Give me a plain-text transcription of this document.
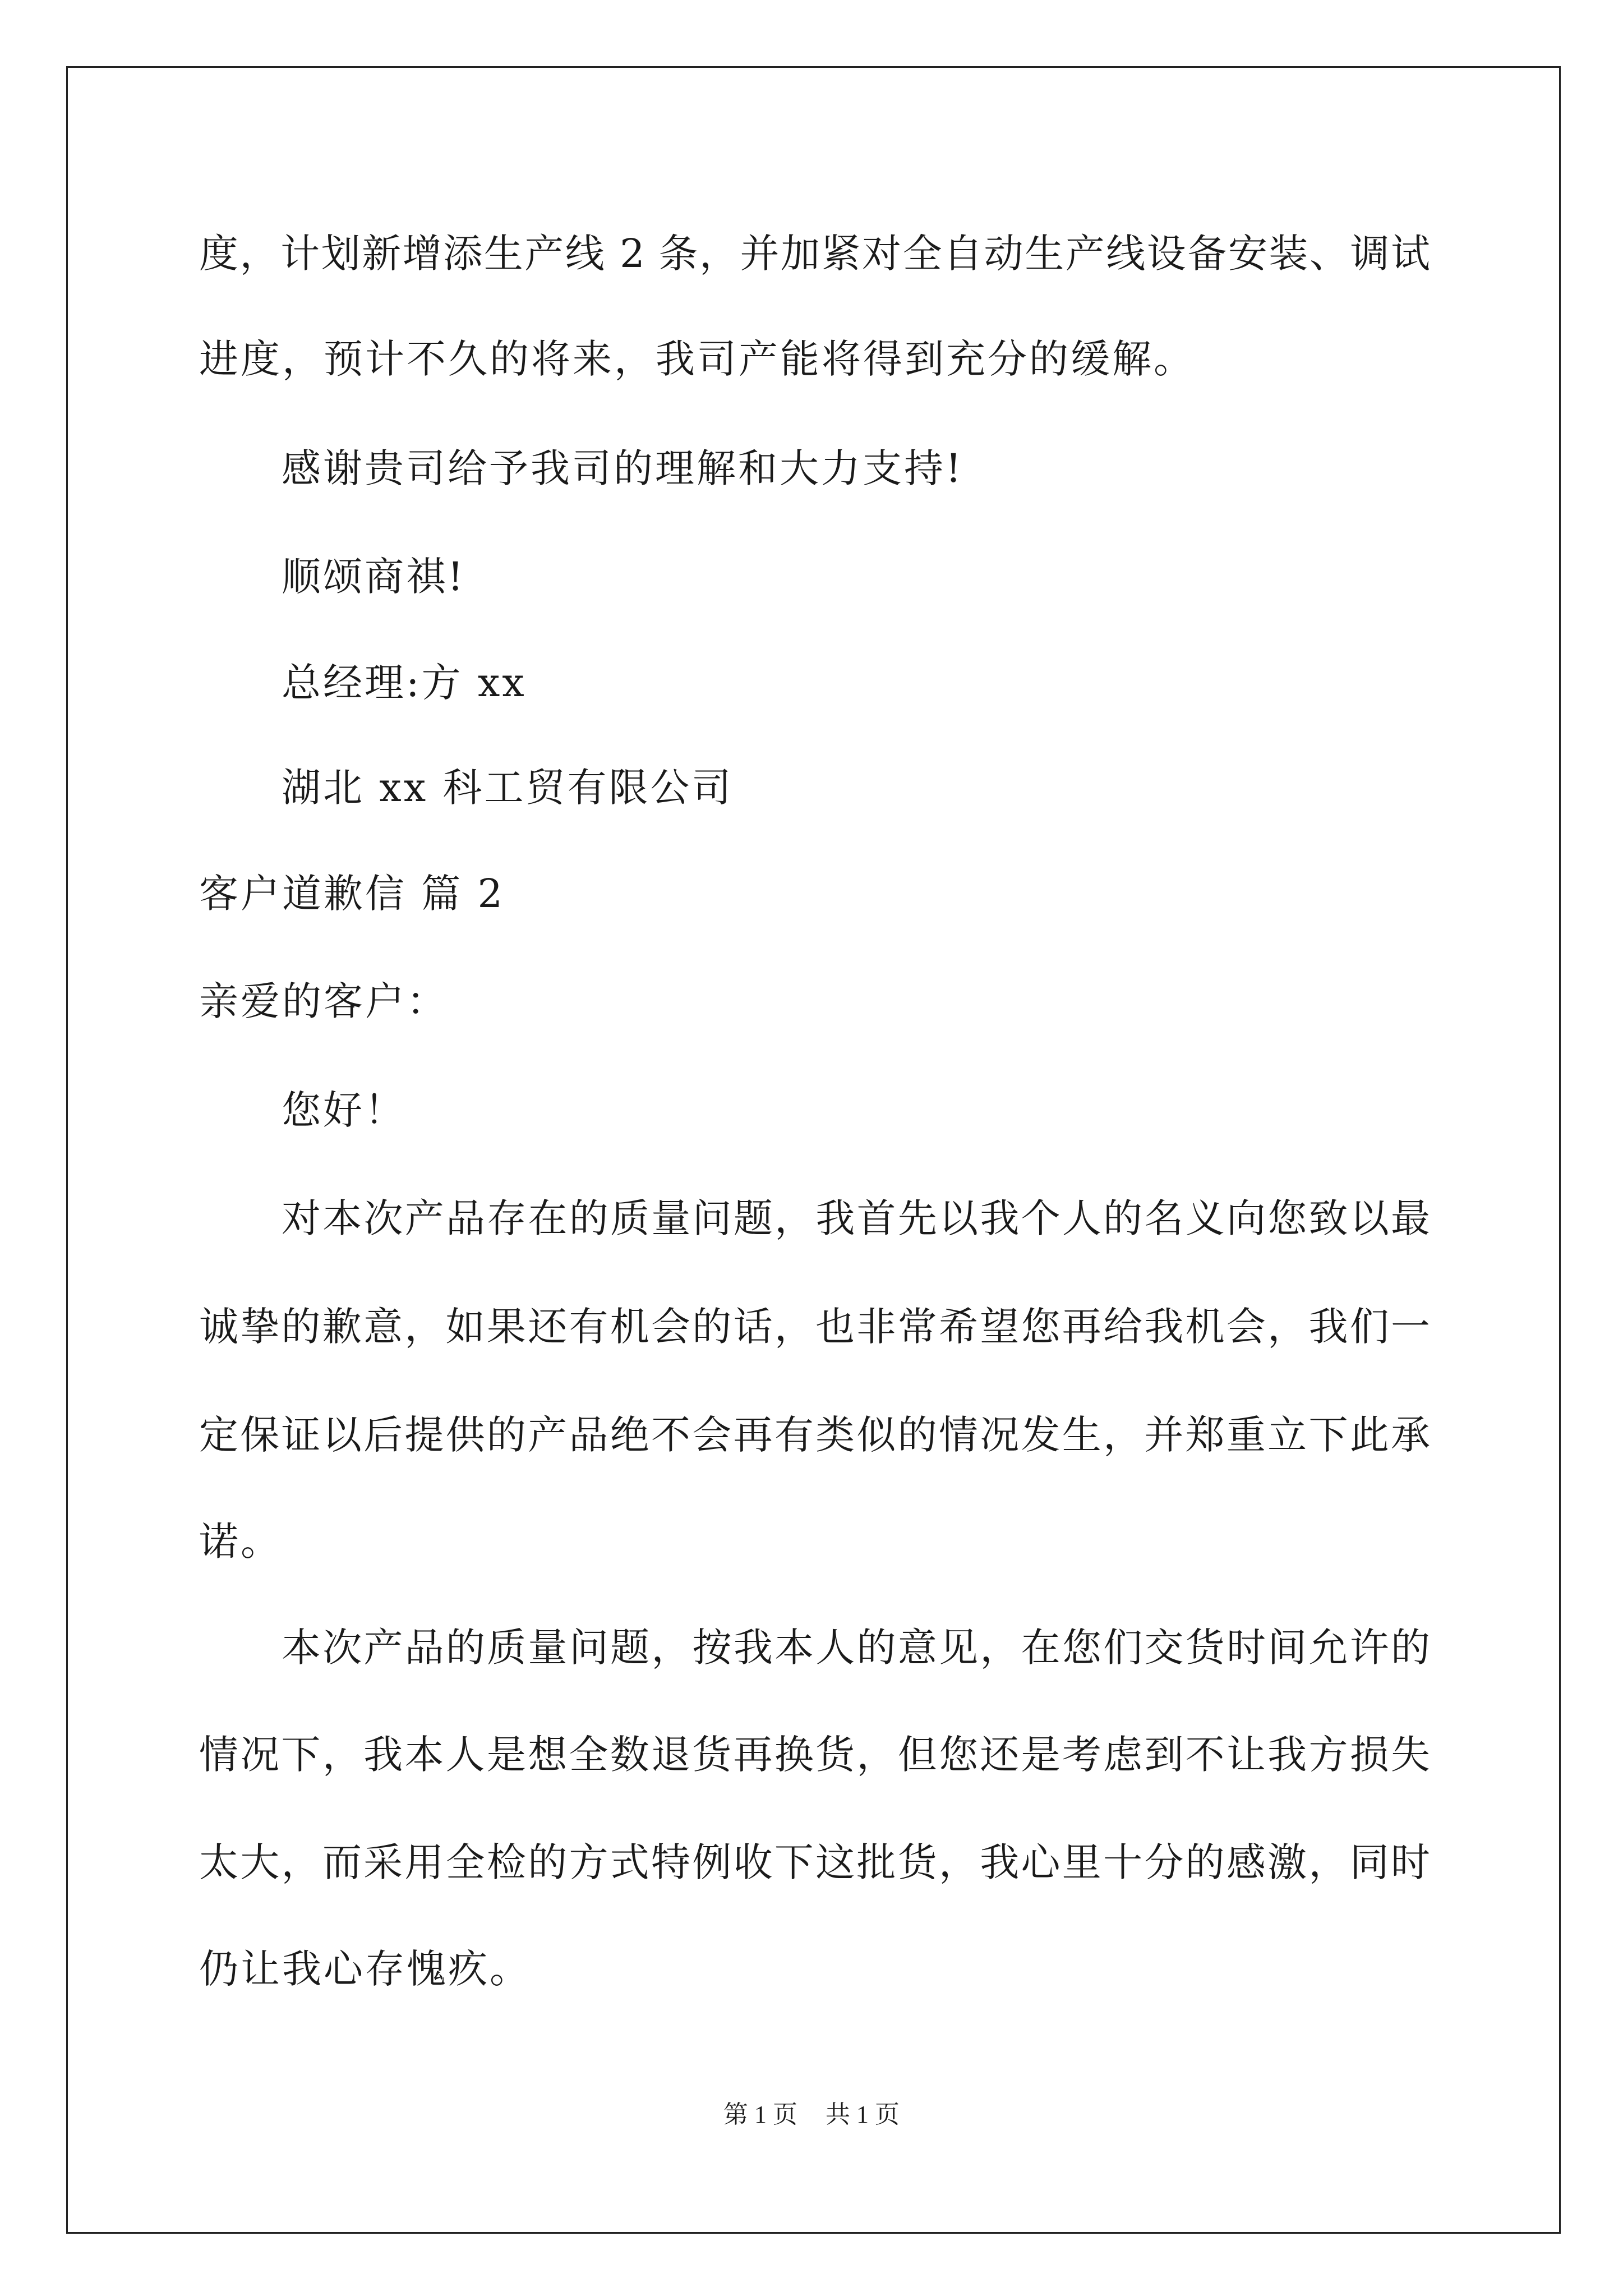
度，计划新增添生产线 2 条，并加紧对全自动生产线设备安装、调试
进度，预计不久的将来，我司产能将得到充分的缓解。
感谢贵司给予我司的理解和大力支持!
顺颂商祺!
总经理:方 xx
湖北 xx 科工贸有限公司
客户道歉信 篇 2
亲爱的客户：
您好！
对本次产品存在的质量问题，我首先以我个人的名义向您致以最
诚挚的歉意，如果还有机会的话，也非常希望您再给我机会，我们一
定保证以后提供的产品绝不会再有类似的情况发生，并郑重立下此承
诺。
本次产品的质量问题，按我本人的意见，在您们交货时间允许的
情况下，我本人是想全数退货再换货，但您还是考虑到不让我方损失
太大，而采用全检的方式特例收下这批货，我心里十分的感激，同时
仍让我心存愧疚。
第 1 页 共 1 页
